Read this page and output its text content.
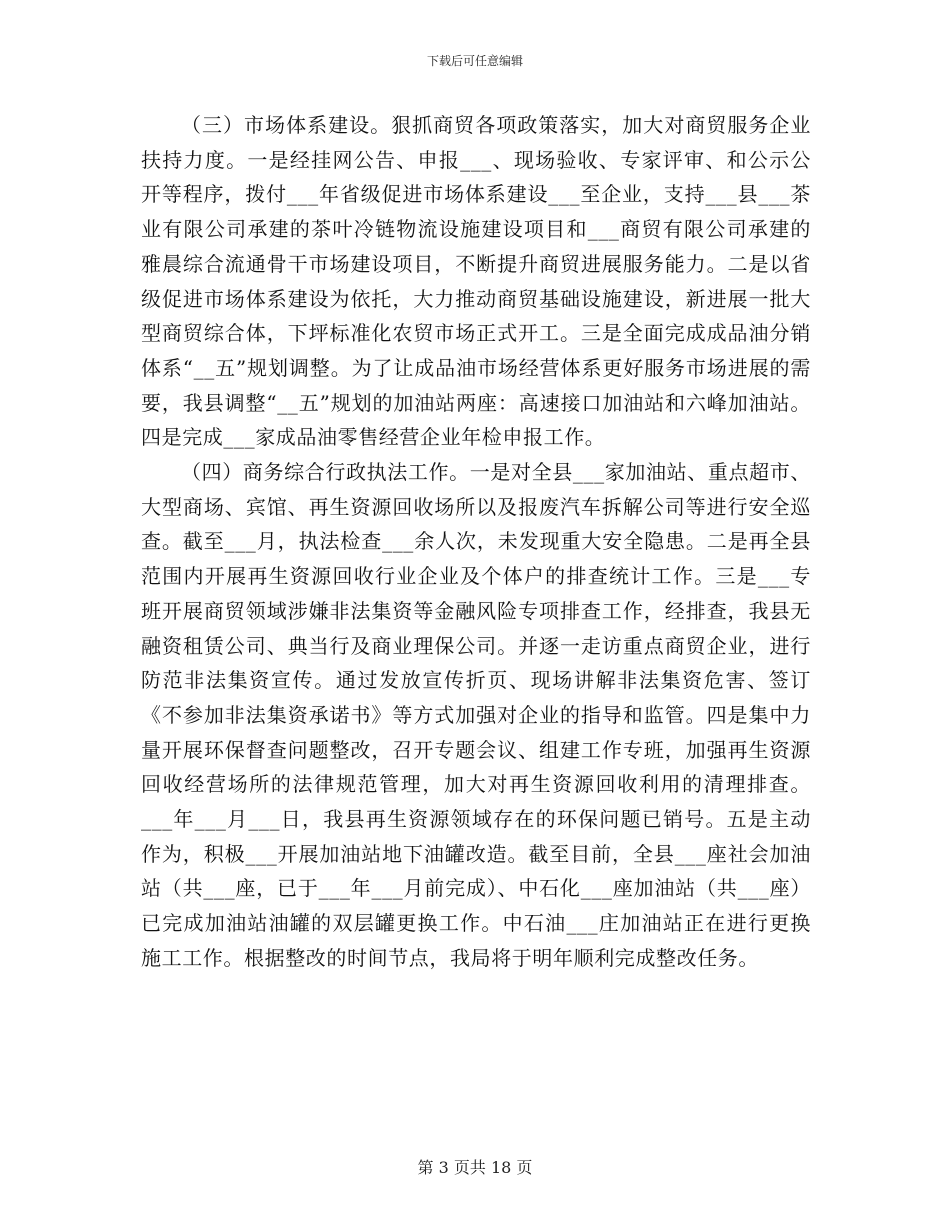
下载后可任意编辑

（三）市场体系建设。狠抓商贸各项政策落实，加大对商贸服务企业扶持力度。一是经挂网公告、申报___、现场验收、专家评审、和公示公开等程序，拨付___年省级促进市场体系建设___至企业，支持___县___茶业有限公司承建的茶叶冷链物流设施建设项目和___商贸有限公司承建的雅晨综合流通骨干市场建设项目，不断提升商贸进展服务能力。二是以省级促进市场体系建设为依托，大力推动商贸基础设施建设，新进展一批大型商贸综合体，下坪标准化农贸市场正式开工。三是全面完成成品油分销体系“__五”规划调整。为了让成品油市场经营体系更好服务市场进展的需要，我县调整“__五”规划的加油站两座：高速接口加油站和六峰加油站。四是完成___家成品油零售经营企业年检申报工作。

（四）商务综合行政执法工作。一是对全县___家加油站、重点超市、大型商场、宾馆、再生资源回收场所以及报废汽车拆解公司等进行安全巡查。截至___月，执法检查___余人次，未发现重大安全隐患。二是再全县范围内开展再生资源回收行业企业及个体户的排查统计工作。三是___专班开展商贸领域涉嫌非法集资等金融风险专项排查工作，经排查，我县无融资租赁公司、典当行及商业理保公司。并逐一走访重点商贸企业，进行防范非法集资宣传。通过发放宣传折页、现场讲解非法集资危害、签订《不参加非法集资承诺书》等方式加强对企业的指导和监管。四是集中力量开展环保督查问题整改，召开专题会议、组建工作专班，加强再生资源回收经营场所的法律规范管理，加大对再生资源回收利用的清理排查。___年___月___日，我县再生资源领域存在的环保问题已销号。五是主动作为，积极___开展加油站地下油罐改造。截至目前，全县___座社会加油站（共___座，已于___年___月前完成）、中石化___座加油站（共___座）已完成加油站油罐的双层罐更换工作。中石油___庄加油站正在进行更换施工工作。根据整改的时间节点，我局将于明年顺利完成整改任务。

第 3 页共 18 页
